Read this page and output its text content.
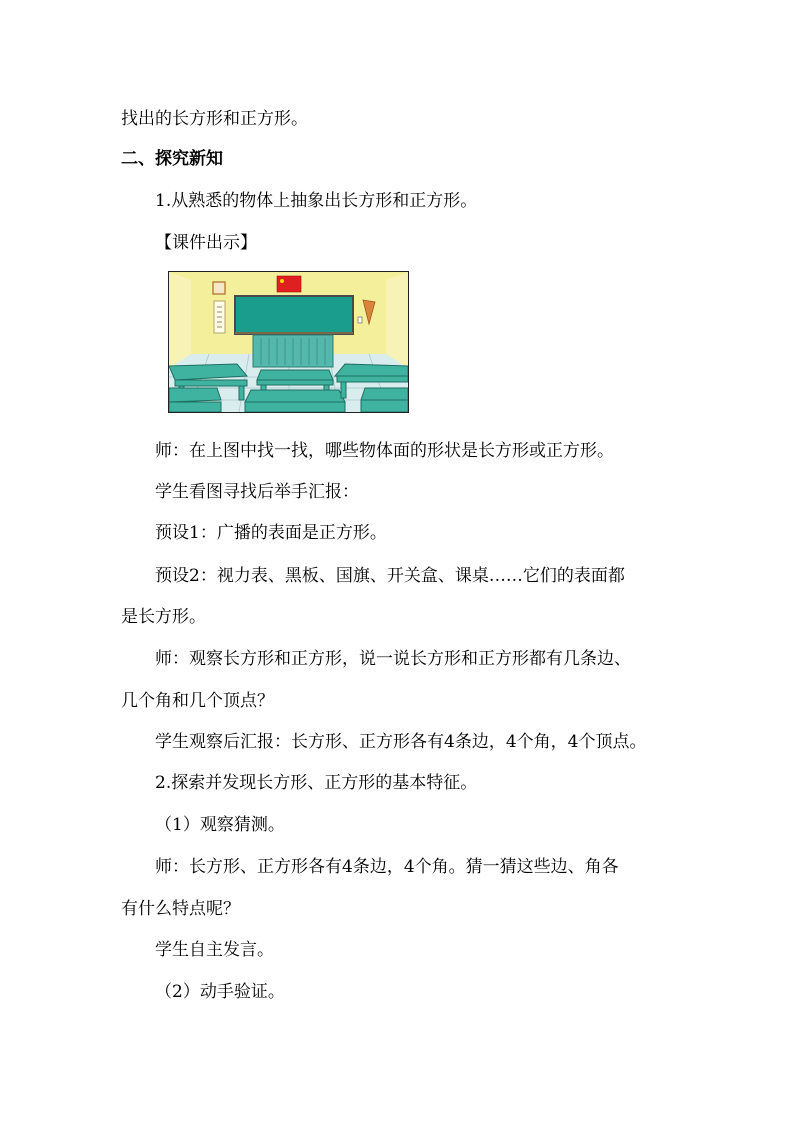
找出的长方形和正方形。
二、探究新知
1.从熟悉的物体上抽象出长方形和正方形。
【课件出示】
师：在上图中找一找，哪些物体面的形状是长方形或正方形。
学生看图寻找后举手汇报：
预设1：广播的表面是正方形。
预设2：视力表、黑板、国旗、开关盒、课桌……它们的表面都
是长方形。
师：观察长方形和正方形，说一说长方形和正方形都有几条边、
几个角和几个顶点？
学生观察后汇报：长方形、正方形各有4条边，4个角，4个顶点。
2.探索并发现长方形、正方形的基本特征。
（1）观察猜测。
师：长方形、正方形各有4条边，4个角。猜一猜这些边、角各
有什么特点呢？
学生自主发言。
（2）动手验证。
